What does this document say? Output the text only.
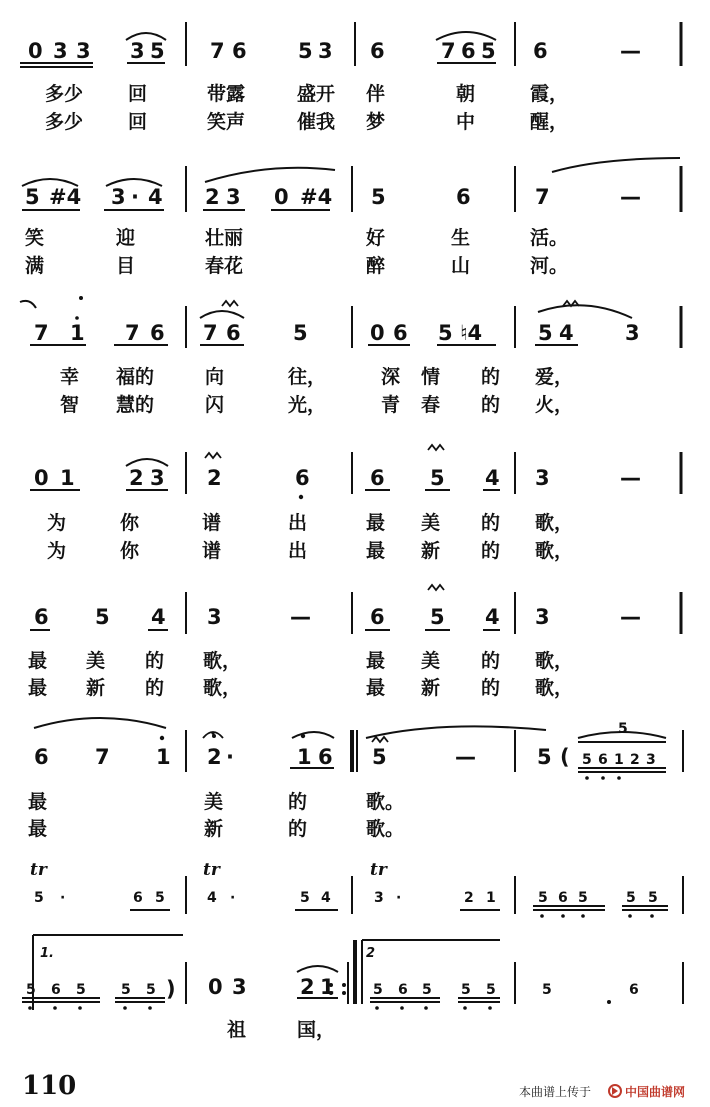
0 3 3 3 5 7 6 5 3 6	7 6 5 6	—
5 #4 3 · 4 2 3 0 #4 5	6	7	—
7 1 7 6 7 6 5	0 6 5 ♮4	5 4 3
0 1	2 3 2	6	6 5 4 3	—
6 5 4 3	—	6 5 4 3	—
6 7 1 2 ·	1 6 5	—	5 ( 5 6 1 2 3
5
tr	tr	tr
5 ·	6 5	4 ·	5 4	3 ·	2 1	5 6 5	5 5
1.	2
5 6 5	5 5 ) 0 3	2 1	5 6 5 5 5	5	6
多少 回	带露	盛开 伴	朝	霞，
多少 回	笑声	催我 梦	中	醒，
笑	迎	壮丽	好	生	活。
满	目	春花	醉	山	河。
幸 福的	向	往，	深 情 的 爱，
智 慧的	闪	光，	青 春 的 火，
为	你	谱	出	最 美 的 歌，
为	你	谱	出	最 新 的 歌，
最 美 的 歌，	最 美 的 歌，
最 新 的 歌，	最 新 的 歌，
最	美	的	歌。
最	新	的	歌。
祖	国，
110	本曲谱上传于	中国曲谱网
